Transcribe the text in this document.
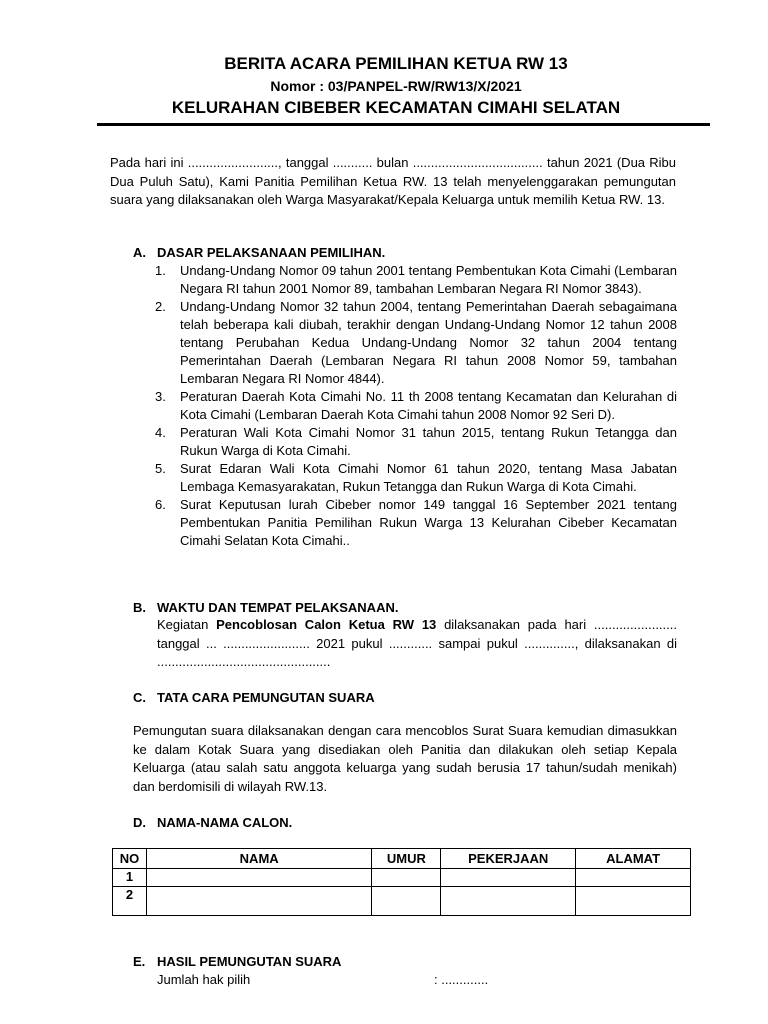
BERITA ACARA PEMILIHAN KETUA RW 13
Nomor : 03/PANPEL-RW/RW13/X/2021
KELURAHAN CIBEBER KECAMATAN CIMAHI SELATAN
Pada hari ini ........................., tanggal ........... bulan .................................... tahun 2021 (Dua Ribu Dua Puluh Satu), Kami Panitia Pemilihan Ketua RW. 13 telah menyelenggarakan pemungutan suara yang dilaksanakan oleh Warga Masyarakat/Kepala Keluarga untuk memilih Ketua RW. 13.
A. DASAR PELAKSANAAN PEMILIHAN.
1. Undang-Undang Nomor 09 tahun 2001 tentang Pembentukan Kota Cimahi (Lembaran Negara RI tahun 2001 Nomor 89, tambahan Lembaran Negara RI Nomor 3843).
2. Undang-Undang Nomor 32 tahun 2004, tentang Pemerintahan Daerah sebagaimana telah beberapa kali diubah, terakhir dengan Undang-Undang Nomor 12 tahun 2008 tentang Perubahan Kedua Undang-Undang Nomor 32 tahun 2004 tentang Pemerintahan Daerah (Lembaran Negara RI tahun 2008 Nomor 59, tambahan Lembaran Negara RI Nomor 4844).
3. Peraturan Daerah Kota Cimahi No. 11 th 2008 tentang Kecamatan dan Kelurahan di Kota Cimahi (Lembaran Daerah Kota Cimahi tahun 2008 Nomor 92 Seri D).
4. Peraturan Wali Kota Cimahi Nomor 31 tahun 2015, tentang Rukun Tetangga dan Rukun Warga di Kota Cimahi.
5. Surat Edaran Wali Kota Cimahi Nomor 61 tahun 2020, tentang Masa Jabatan Lembaga Kemasyarakatan, Rukun Tetangga dan Rukun Warga di Kota Cimahi.
6. Surat Keputusan lurah Cibeber nomor 149 tanggal 16 September 2021 tentang Pembentukan Panitia Pemilihan Rukun Warga 13 Kelurahan Cibeber Kecamatan Cimahi Selatan Kota Cimahi..
B. WAKTU DAN TEMPAT PELAKSANAAN.
Kegiatan Pencoblosan Calon Ketua RW 13 dilaksanakan pada hari ....................... tanggal ... ........................ 2021 pukul ............ sampai pukul .............., dilaksanakan di ................................................
C. TATA CARA PEMUNGUTAN SUARA
Pemungutan suara dilaksanakan dengan cara mencoblos Surat Suara kemudian dimasukkan ke dalam Kotak Suara yang disediakan oleh Panitia dan dilakukan oleh setiap Kepala Keluarga (atau salah satu anggota keluarga yang sudah berusia 17 tahun/sudah menikah) dan berdomisili di wilayah RW.13.
D. NAMA-NAMA CALON.
NO	NAMA	UMUR	PEKERJAAN	ALAMAT
1				
2				
E. HASIL PEMUNGUTAN SUARA
Jumlah hak pilih	: .............
